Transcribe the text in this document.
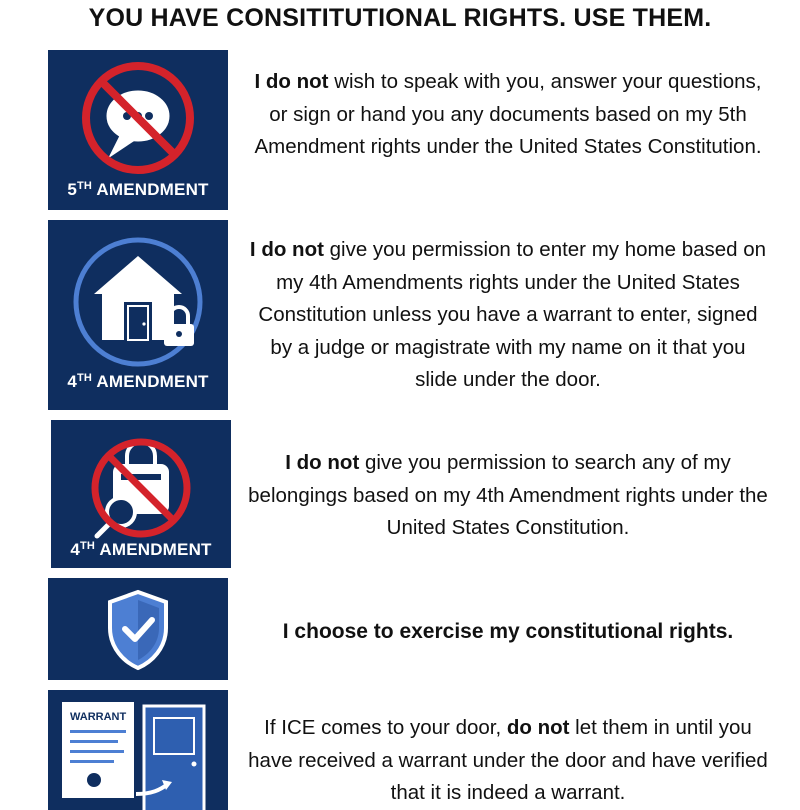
YOU HAVE CONSITITUTIONAL RIGHTS. USE THEM.
5TH AMENDMENT
I do not wish to speak with you, answer your questions, or sign or hand you any documents based on my 5th Amendment rights under the United States Constitution.
4TH AMENDMENT
I do not give you permission to enter my home based on my 4th Amendments rights under the United States Constitution unless you have a warrant to enter, signed by a judge or magistrate with my name on it that you slide under the door.
4TH AMENDMENT
I do not give you permission to search any of my belongings based on my 4th Amendment rights under the United States Constitution.
I choose to exercise my constitutional rights.
WARRANT	If ICE comes to your door, do not let them in until you have received a warrant under the door and have verified that it is indeed a warrant.
